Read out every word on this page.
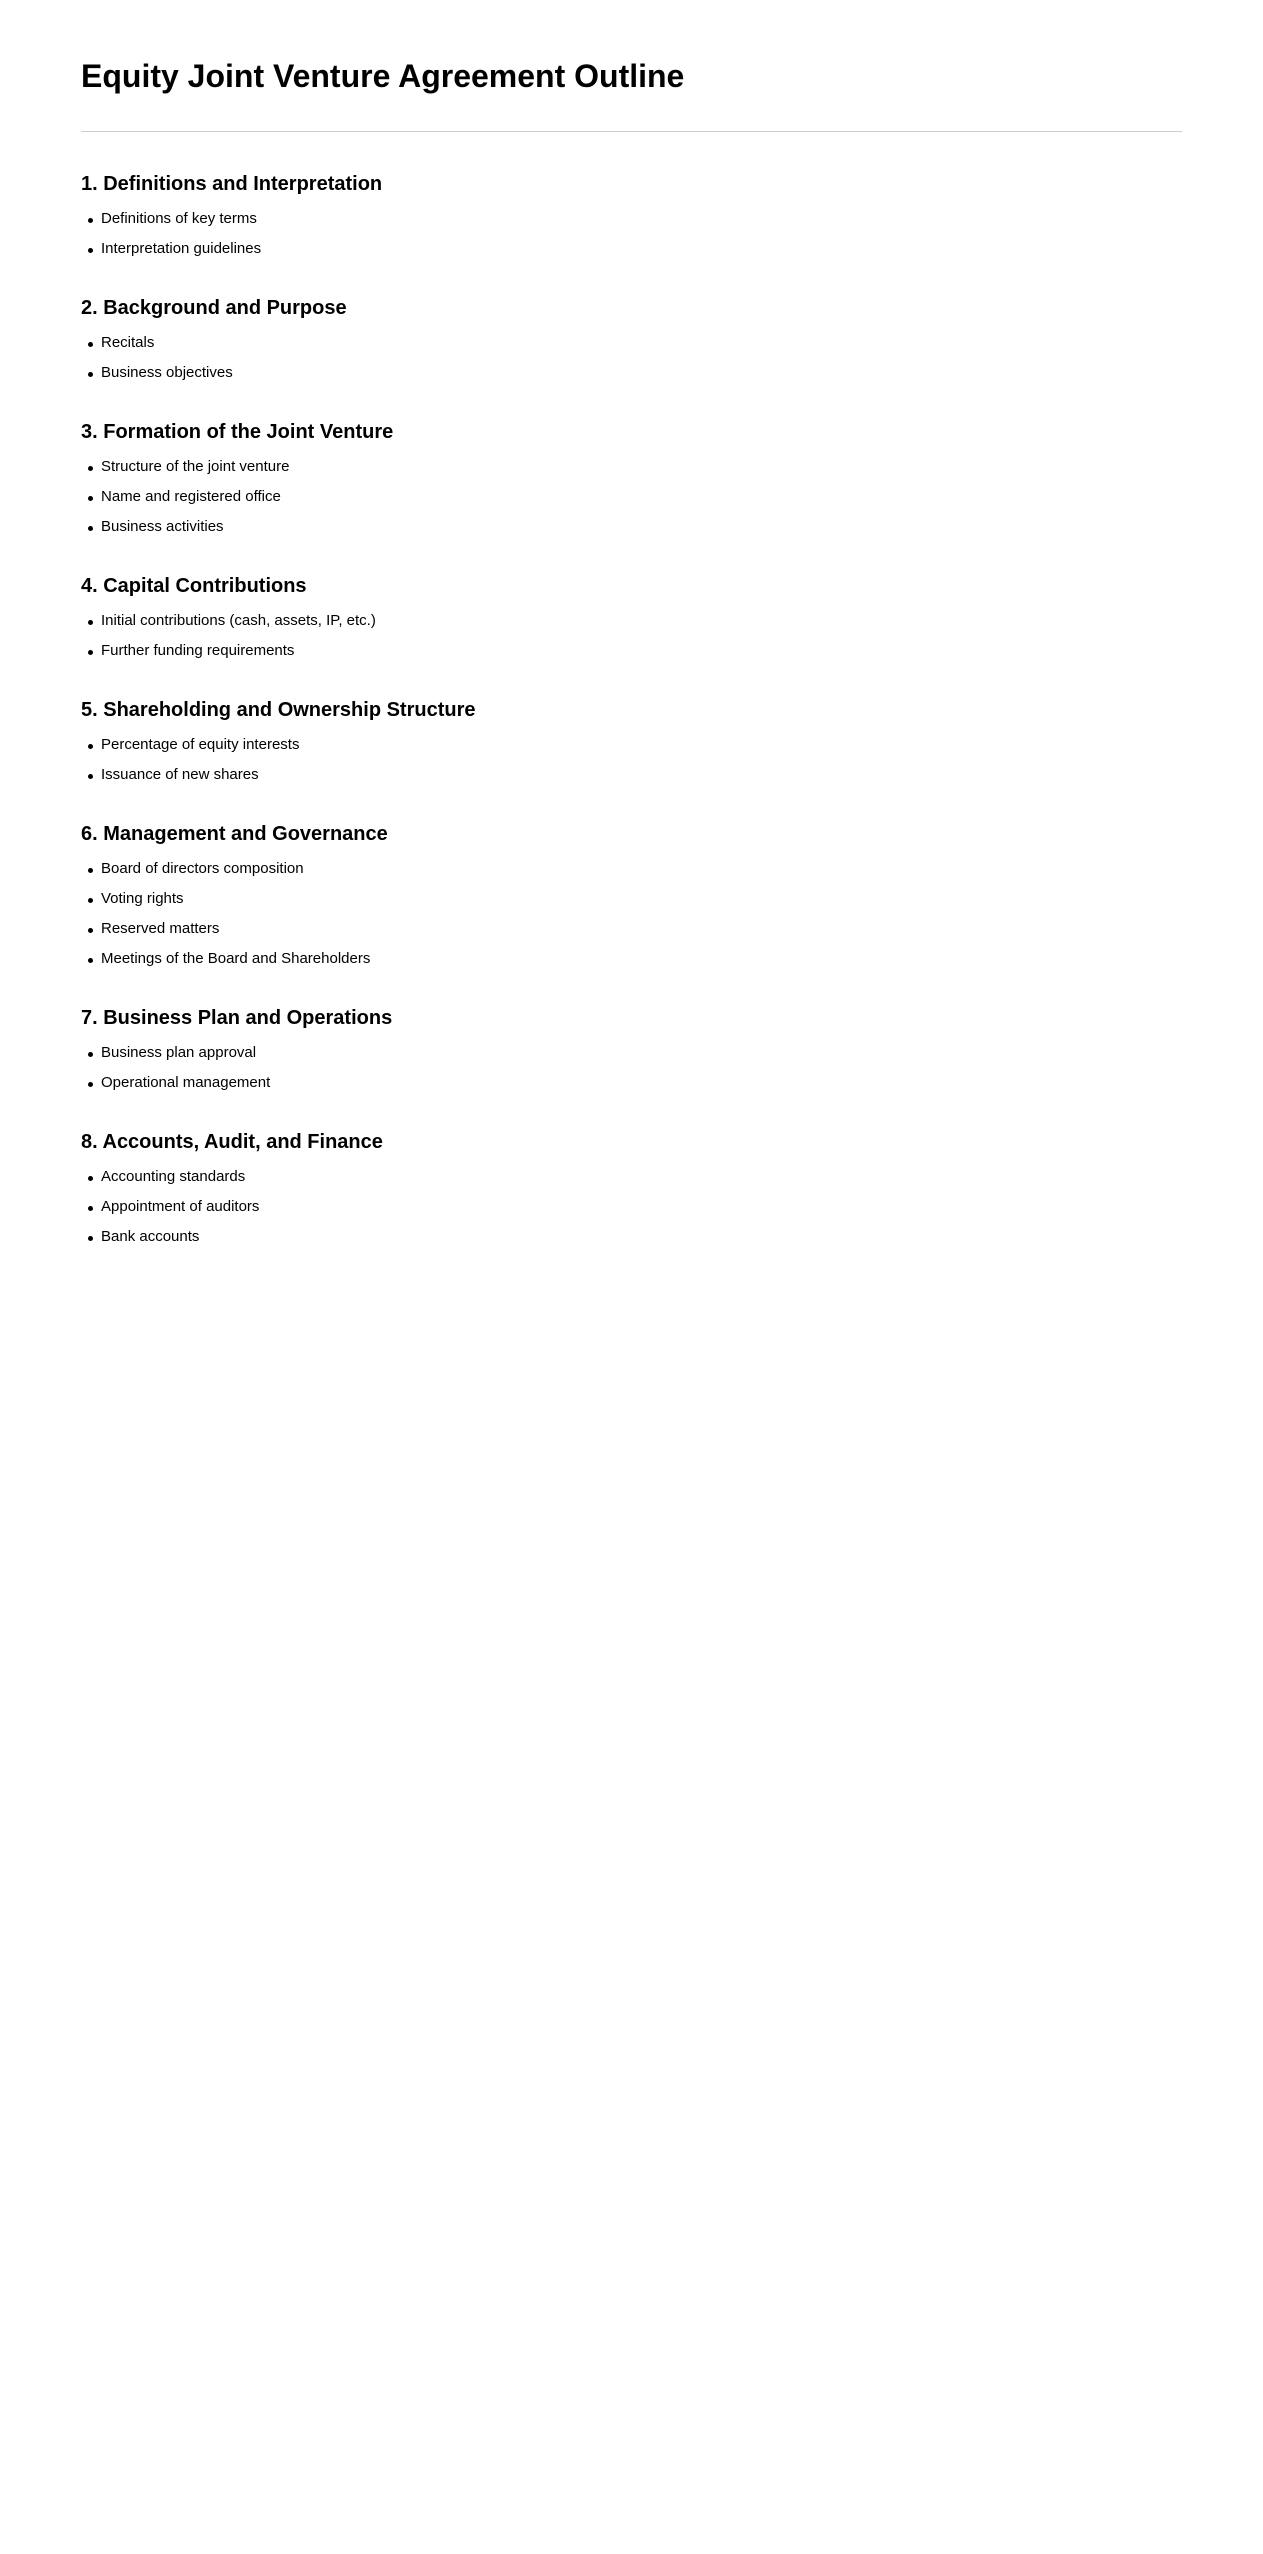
Equity Joint Venture Agreement Outline
1. Definitions and Interpretation
Definitions of key terms
Interpretation guidelines
2. Background and Purpose
Recitals
Business objectives
3. Formation of the Joint Venture
Structure of the joint venture
Name and registered office
Business activities
4. Capital Contributions
Initial contributions (cash, assets, IP, etc.)
Further funding requirements
5. Shareholding and Ownership Structure
Percentage of equity interests
Issuance of new shares
6. Management and Governance
Board of directors composition
Voting rights
Reserved matters
Meetings of the Board and Shareholders
7. Business Plan and Operations
Business plan approval
Operational management
8. Accounts, Audit, and Finance
Accounting standards
Appointment of auditors
Bank accounts
